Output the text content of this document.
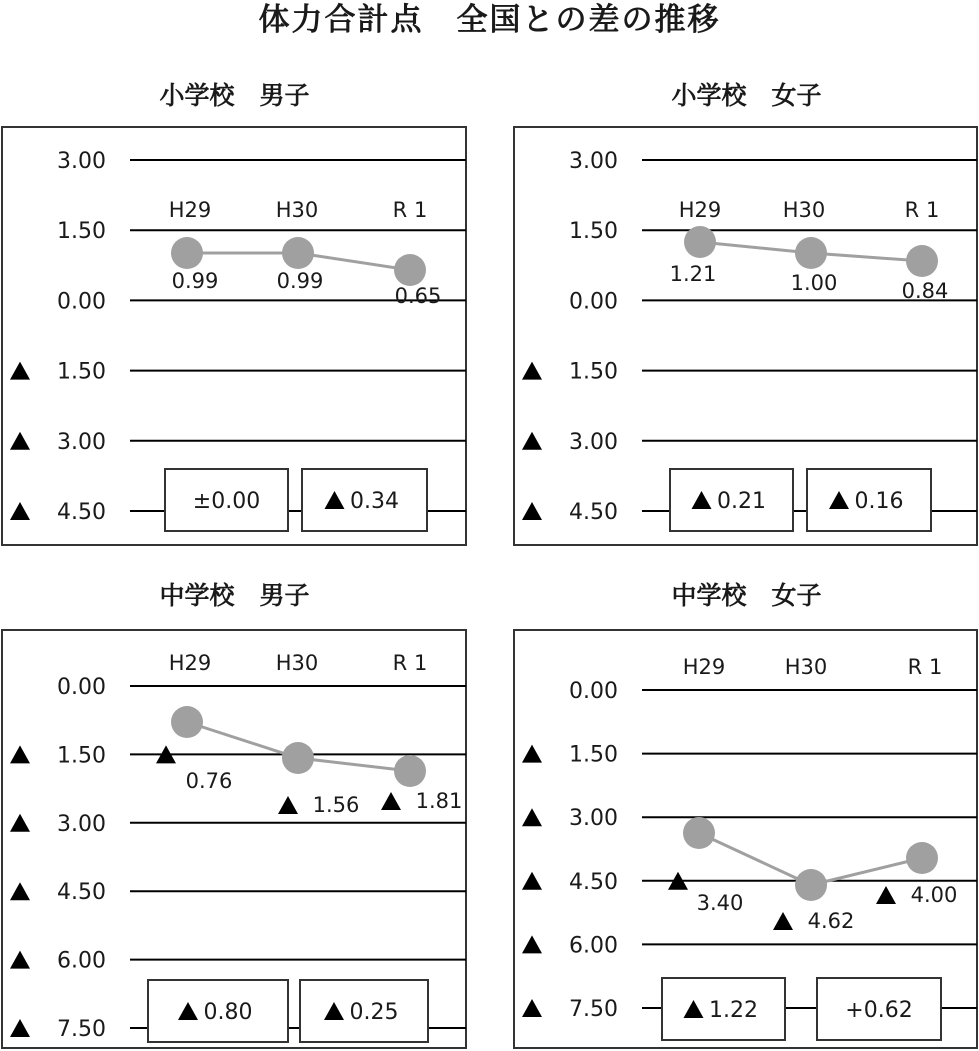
体力合計点　全国との差の推移
小学校　男子	小学校　女子
中学校　男子	中学校　女子
3.00
1.50
0.00
1.50
3.00
4.50
H29	H30	R 1
0.99	0.99
0.65
±0.00	0.34
3.00
1.50
0.00
1.50
3.00
4.50
H29	H30	R 1
1.21	1.00	0.84
0.21	0.16
0.00
1.50
3.00
4.50
6.00
7.50
H29	H30	R 1
0.76
1.56	1.81
0.80	0.25
0.00
1.50
3.00
4.50
6.00
7.50
H29	H30	R 1
3.40
4.62
4.00
1.22	+0.62
